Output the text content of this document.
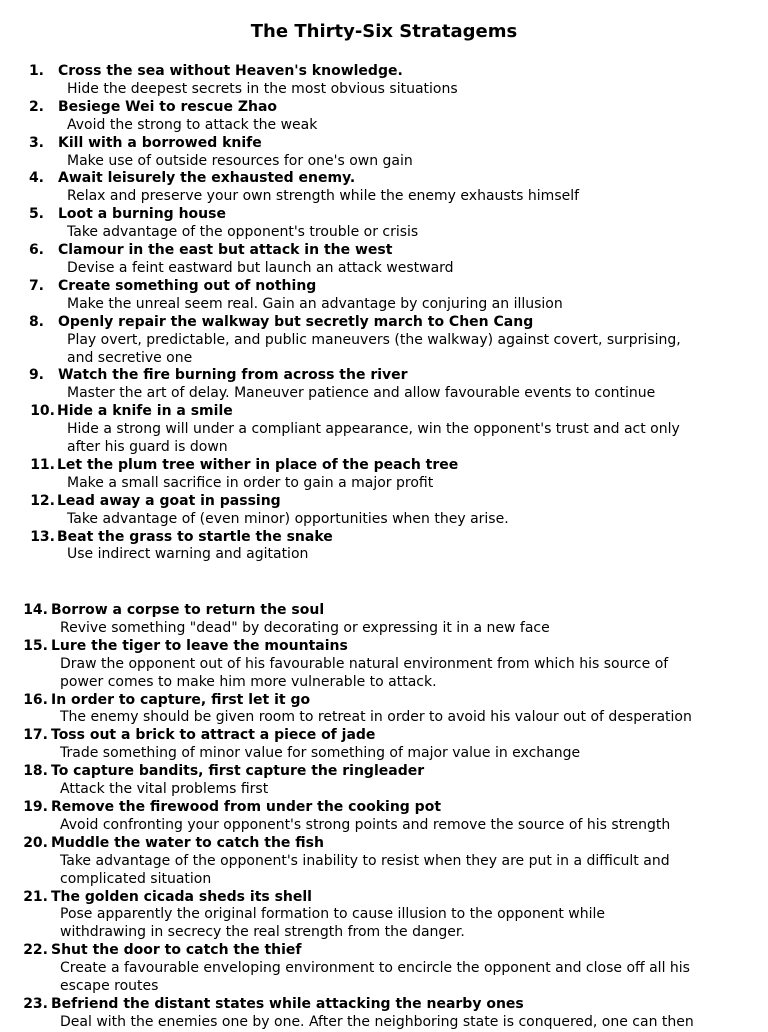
The Thirty-Six Stratagems
1. Cross the sea without Heaven's knowledge.
Hide the deepest secrets in the most obvious situations
2. Besiege Wei to rescue Zhao
Avoid the strong to attack the weak
3. Kill with a borrowed knife
Make use of outside resources for one's own gain
4. Await leisurely the exhausted enemy.
Relax and preserve your own strength while the enemy exhausts himself
5. Loot a burning house
Take advantage of the opponent's trouble or crisis
6. Clamour in the east but attack in the west
Devise a feint eastward but launch an attack westward
7. Create something out of nothing
Make the unreal seem real. Gain an advantage by conjuring an illusion
8. Openly repair the walkway but secretly march to Chen Cang
Play overt, predictable, and public maneuvers (the walkway) against covert, surprising,
and secretive one
9. Watch the fire burning from across the river
Master the art of delay. Maneuver patience and allow favourable events to continue
10. Hide a knife in a smile
Hide a strong will under a compliant appearance, win the opponent's trust and act only
after his guard is down
11. Let the plum tree wither in place of the peach tree
Make a small sacrifice in order to gain a major profit
12. Lead away a goat in passing
Take advantage of (even minor) opportunities when they arise.
13. Beat the grass to startle the snake
Use indirect warning and agitation
14. Borrow a corpse to return the soul
Revive something "dead" by decorating or expressing it in a new face
15. Lure the tiger to leave the mountains
Draw the opponent out of his favourable natural environment from which his source of
power comes to make him more vulnerable to attack.
16. In order to capture, first let it go
The enemy should be given room to retreat in order to avoid his valour out of desperation
17. Toss out a brick to attract a piece of jade
Trade something of minor value for something of major value in exchange
18. To capture bandits, first capture the ringleader
Attack the vital problems first
19. Remove the firewood from under the cooking pot
Avoid confronting your opponent's strong points and remove the source of his strength
20. Muddle the water to catch the fish
Take advantage of the opponent's inability to resist when they are put in a difficult and
complicated situation
21. The golden cicada sheds its shell
Pose apparently the original formation to cause illusion to the opponent while
withdrawing in secrecy the real strength from the danger.
22. Shut the door to catch the thief
Create a favourable enveloping environment to encircle the opponent and close off all his
escape routes
23. Befriend the distant states while attacking the nearby ones
Deal with the enemies one by one. After the neighboring state is conquered, one can then
